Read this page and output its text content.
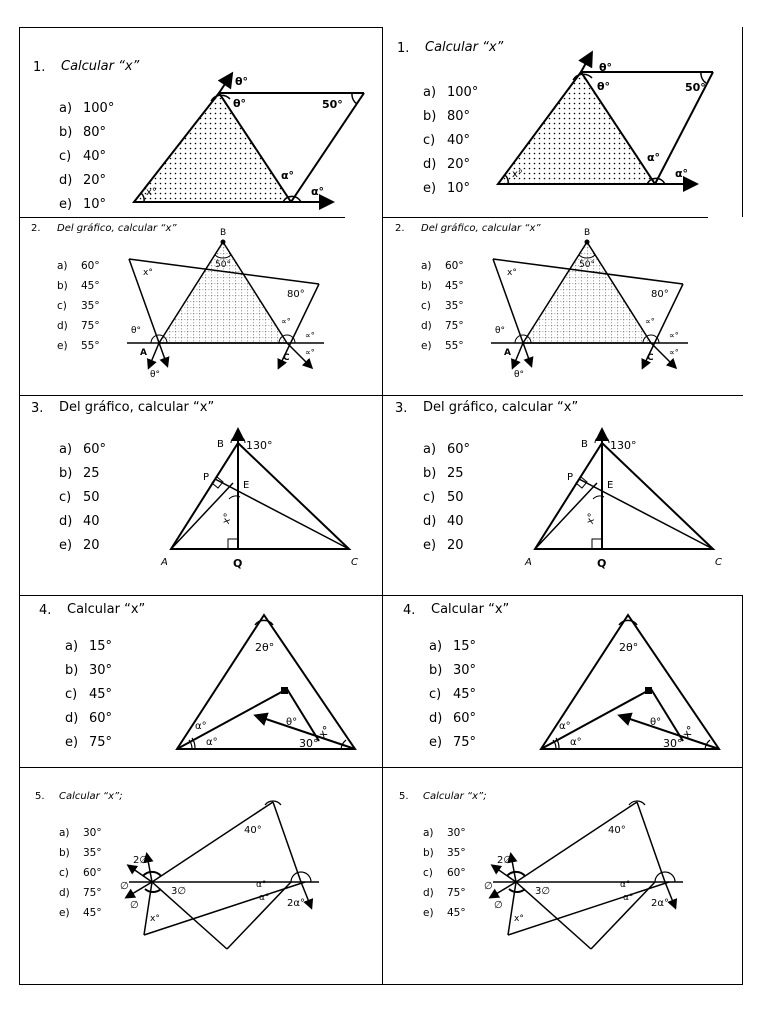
1. Calcular “x”
a) 100°
b) 80°
c) 40°
d) 20°
e) 10°
θ°
θ°	50°
α°
α°
x°
2. Del gráfico, calcular “x”
a) 60°
b) 45°
c) 35°
d) 75°
e) 55°
B
50°
x°
80°
θ°
A
θ°
C
∝°
∝°
∝°
3. Del gráfico, calcular “x”
a) 60°
b) 25
c) 50
d) 40
e) 20
B 130°
P
E
x°
A	Q	C
4. Calcular “x”
a) 15°
b) 30°
c) 45°
d) 60°
e) 75°
2θ°
α°
α°
θ°
x°
30°
5. Calcular “x”;
a) 30°
b) 35°
c) 60°
d) 75°
e) 45°
40°
2∅
∅
∅
3∅
α°
α° 2α°
x°
1. Calcular “x”
a) 100°
b) 80°
c) 40°
d) 20°
e) 10°
θ°
θ°	50°
α°
α°
x°
2. Del gráfico, calcular “x”
a) 60°
b) 45°
c) 35°
d) 75°
e) 55°
B
50°
x°
80°
θ°
A
θ°
C
∝°
∝°
∝°
3. Del gráfico, calcular “x”
a) 60°
b) 25
c) 50
d) 40
e) 20
B 130°
P
E
x°
A	Q	C
4. Calcular “x”
a) 15°
b) 30°
c) 45°
d) 60°
e) 75°
2θ°
α°
α°
θ°
x°
30°
5. Calcular “x”;
a) 30°
b) 35°
c) 60°
d) 75°
e) 45°
40°
2∅
∅
∅
3∅
α°
α° 2α°
x°
